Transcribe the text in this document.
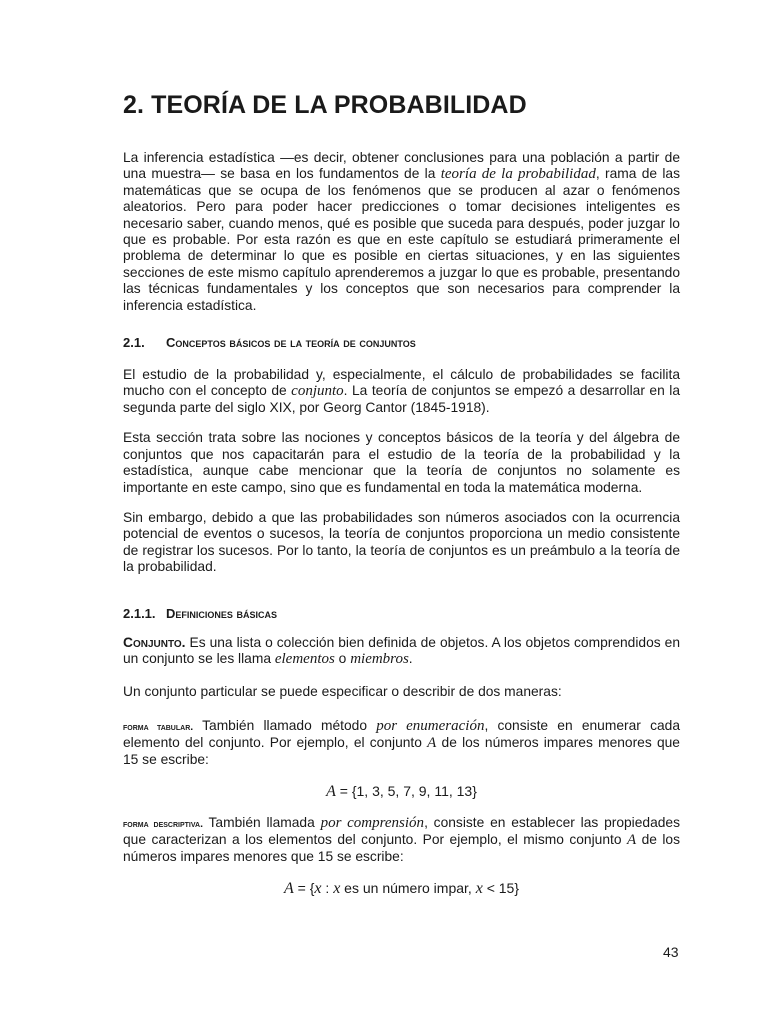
2. TEORÍA DE LA PROBABILIDAD

La inferencia estadística —es decir, obtener conclusiones para una población a partir de una muestra— se basa en los fundamentos de la teoría de la probabilidad, rama de las matemáticas que se ocupa de los fenómenos que se producen al azar o fenómenos aleatorios. Pero para poder hacer predicciones o tomar decisiones inteligentes es necesario saber, cuando menos, qué es posible que suceda para después, poder juzgar lo que es probable. Por esta razón es que en este capítulo se estudiará primeramente el problema de determinar lo que es posible en ciertas situaciones, y en las siguientes secciones de este mismo capítulo aprenderemos a juzgar lo que es probable, presentando las técnicas fundamentales y los conceptos que son necesarios para comprender la inferencia estadística.

2.1. Conceptos básicos de la teoría de conjuntos

El estudio de la probabilidad y, especialmente, el cálculo de probabilidades se facilita mucho con el concepto de conjunto. La teoría de conjuntos se empezó a desarrollar en la segunda parte del siglo XIX, por Georg Cantor (1845-1918).

Esta sección trata sobre las nociones y conceptos básicos de la teoría y del álgebra de conjuntos que nos capacitarán para el estudio de la teoría de la probabilidad y la estadística, aunque cabe mencionar que la teoría de conjuntos no solamente es importante en este campo, sino que es fundamental en toda la matemática moderna.

Sin embargo, debido a que las probabilidades son números asociados con la ocurrencia potencial de eventos o sucesos, la teoría de conjuntos proporciona un medio consistente de registrar los sucesos. Por lo tanto, la teoría de conjuntos es un preámbulo a la teoría de la probabilidad.

2.1.1. Definiciones básicas

Conjunto. Es una lista o colección bien definida de objetos. A los objetos comprendidos en un conjunto se les llama elementos o miembros.

Un conjunto particular se puede especificar o describir de dos maneras:

forma tabular. También llamado método por enumeración, consiste en enumerar cada elemento del conjunto. Por ejemplo, el conjunto A de los números impares menores que 15 se escribe:

A = {1, 3, 5, 7, 9, 11, 13}

forma descriptiva. También llamada por comprensión, consiste en establecer las propiedades que caracterizan a los elementos del conjunto. Por ejemplo, el mismo conjunto A de los números impares menores que 15 se escribe:

A = {x : x es un número impar, x < 15}
43
